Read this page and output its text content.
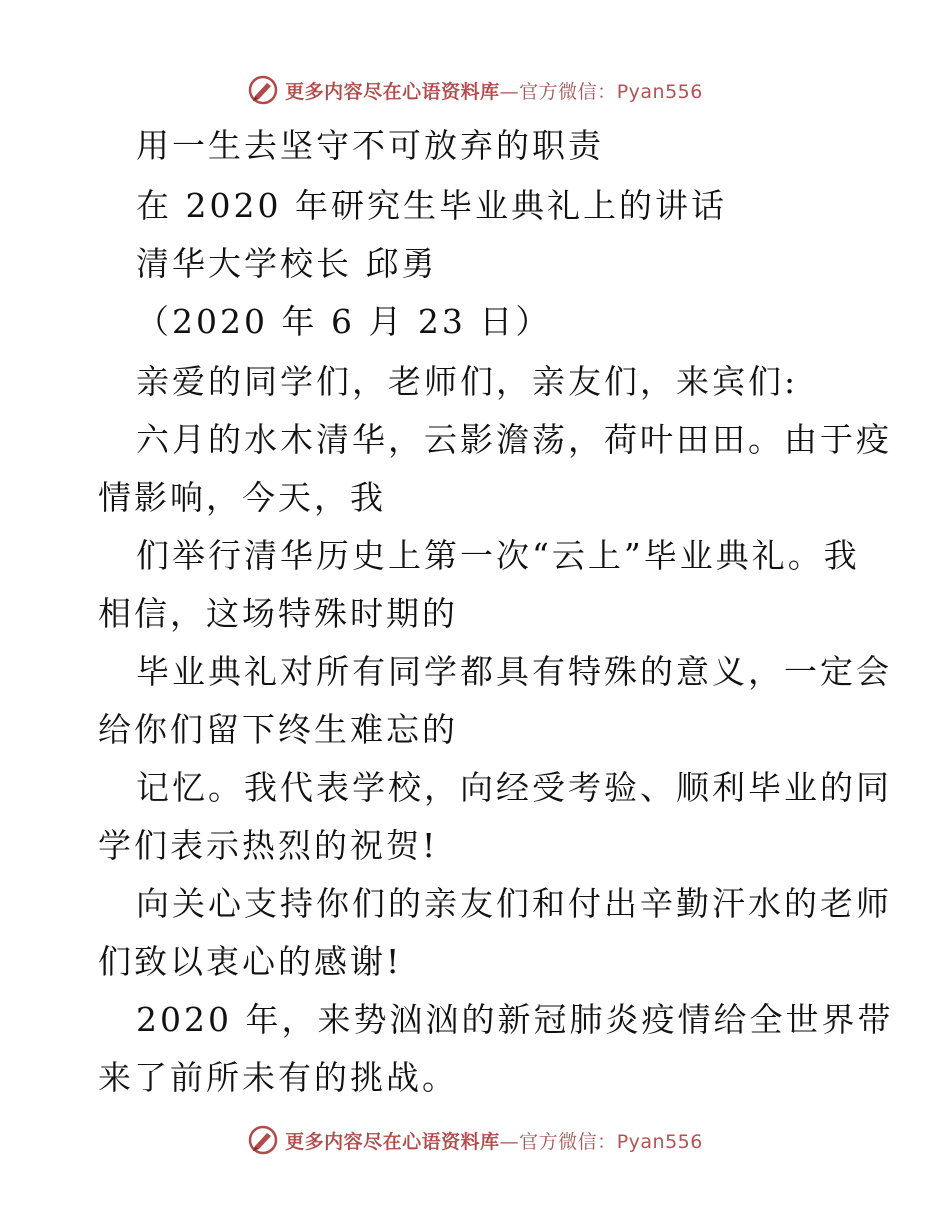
更多内容尽在心语资料库—官方微信：Pyan556
用一生去坚守不可放弃的职责
在 2020 年研究生毕业典礼上的讲话
清华大学校长 邱勇
（2020 年 6 月 23 日）
亲爱的同学们，老师们，亲友们，来宾们:
六月的水木清华，云影澹荡，荷叶田田。由于疫
情影响，今天，我
们举行清华历史上第一次“云上”毕业典礼。我
相信，这场特殊时期的
毕业典礼对所有同学都具有特殊的意义，一定会
给你们留下终生难忘的
记忆。我代表学校，向经受考验、顺利毕业的同
学们表示热烈的祝贺!
向关心支持你们的亲友们和付出辛勤汗水的老师
们致以衷心的感谢!
2020 年，来势汹汹的新冠肺炎疫情给全世界带
来了前所未有的挑战。
更多内容尽在心语资料库—官方微信：Pyan556
